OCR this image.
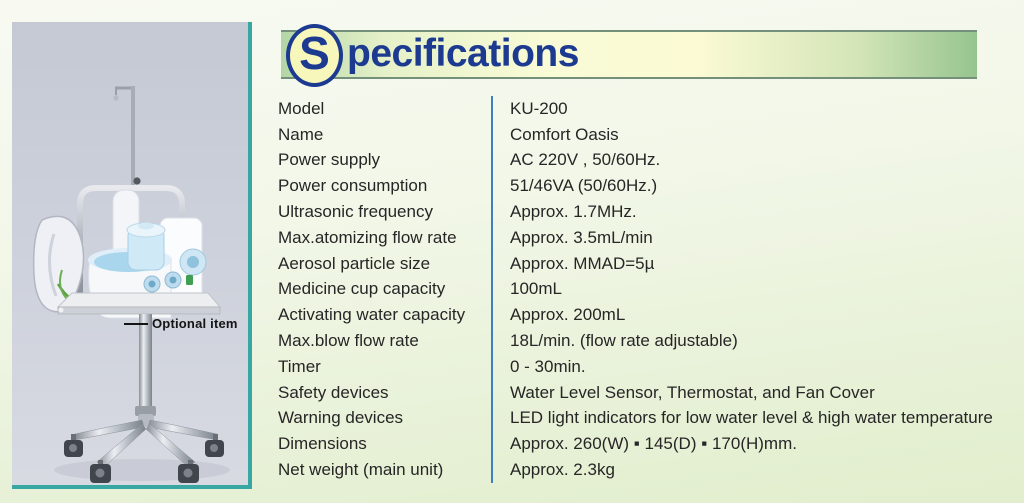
Optional item
S pecifications
Model	KU-200
Name	Comfort Oasis
Power supply	AC 220V , 50/60Hz.
Power consumption	51/46VA (50/60Hz.)
Ultrasonic frequency	Approx. 1.7MHz.
Max.atomizing flow rate	Approx. 3.5mL/min
Aerosol particle size	Approx. MMAD=5µ
Medicine cup capacity	100mL
Activating water capacity	Approx. 200mL
Max.blow flow rate	18L/min. (flow rate adjustable)
Timer	0 - 30min.
Safety devices	Water Level Sensor, Thermostat, and Fan Cover
Warning devices	LED light indicators for low water level & high water temperature
Dimensions	Approx. 260(W) ▪ 145(D) ▪ 170(H)mm.
Net weight (main unit)	Approx. 2.3kg
